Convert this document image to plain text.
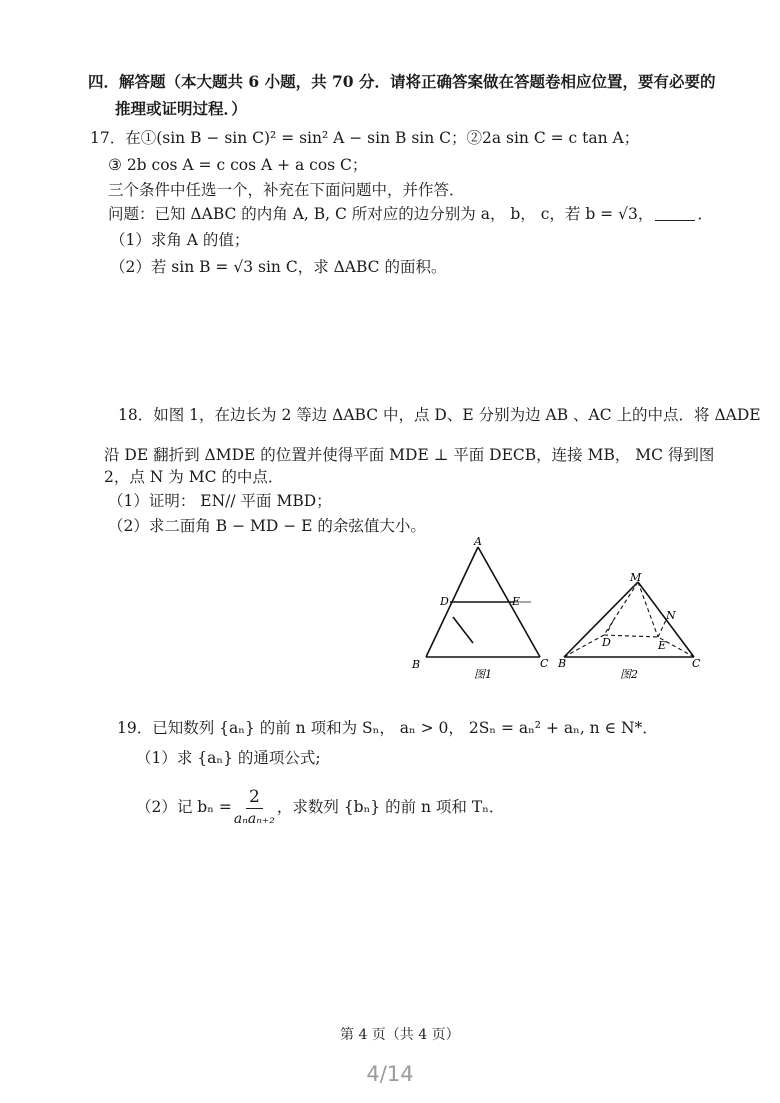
四．解答题（本大题共 6 小题，共 70 分．请将正确答案做在答题卷相应位置，要有必要的
推理或证明过程．）
17．在①(sin B − sin C)² = sin² A − sin B sin C；②2a sin C = c tan A；
③ 2b cos A = c cos A + a cos C；
三个条件中任选一个，补充在下面问题中，并作答．
问题：已知 ΔABC 的内角 A, B, C 所对应的边分别为 a， b， c，若 b = √3，	．
（1）求角 A 的值；
（2）若 sin B = √3 sin C，求 ΔABC 的面积。
18．如图 1，在边长为 2 等边 ΔABC 中，点 D、E 分别为边 AB 、AC 上的中点．将 ΔADE
沿 DE 翻折到 ΔMDE 的位置并使得平面 MDE ⊥ 平面 DECB，连接 MB， MC 得到图
2，点 N 为 MC 的中点．
（1）证明： EN// 平面 MBD；
（2）求二面角 B − MD − E 的余弦值大小。
A
B	C
D	E
图1
M
N
B	C
D	E
图2
19．已知数列 {aₙ} 的前 n 项和为 Sₙ， aₙ > 0， 2Sₙ = aₙ² + aₙ, n ∈ N*．
（1）求 {aₙ} 的通项公式;
（2）记 $b_n = \frac{2}{\text{aₙaₙ₊₂}}$ ，求数列 {bₙ} 的前 n 项和 Tₙ．
第 4 页（共 4 页）
4/14
